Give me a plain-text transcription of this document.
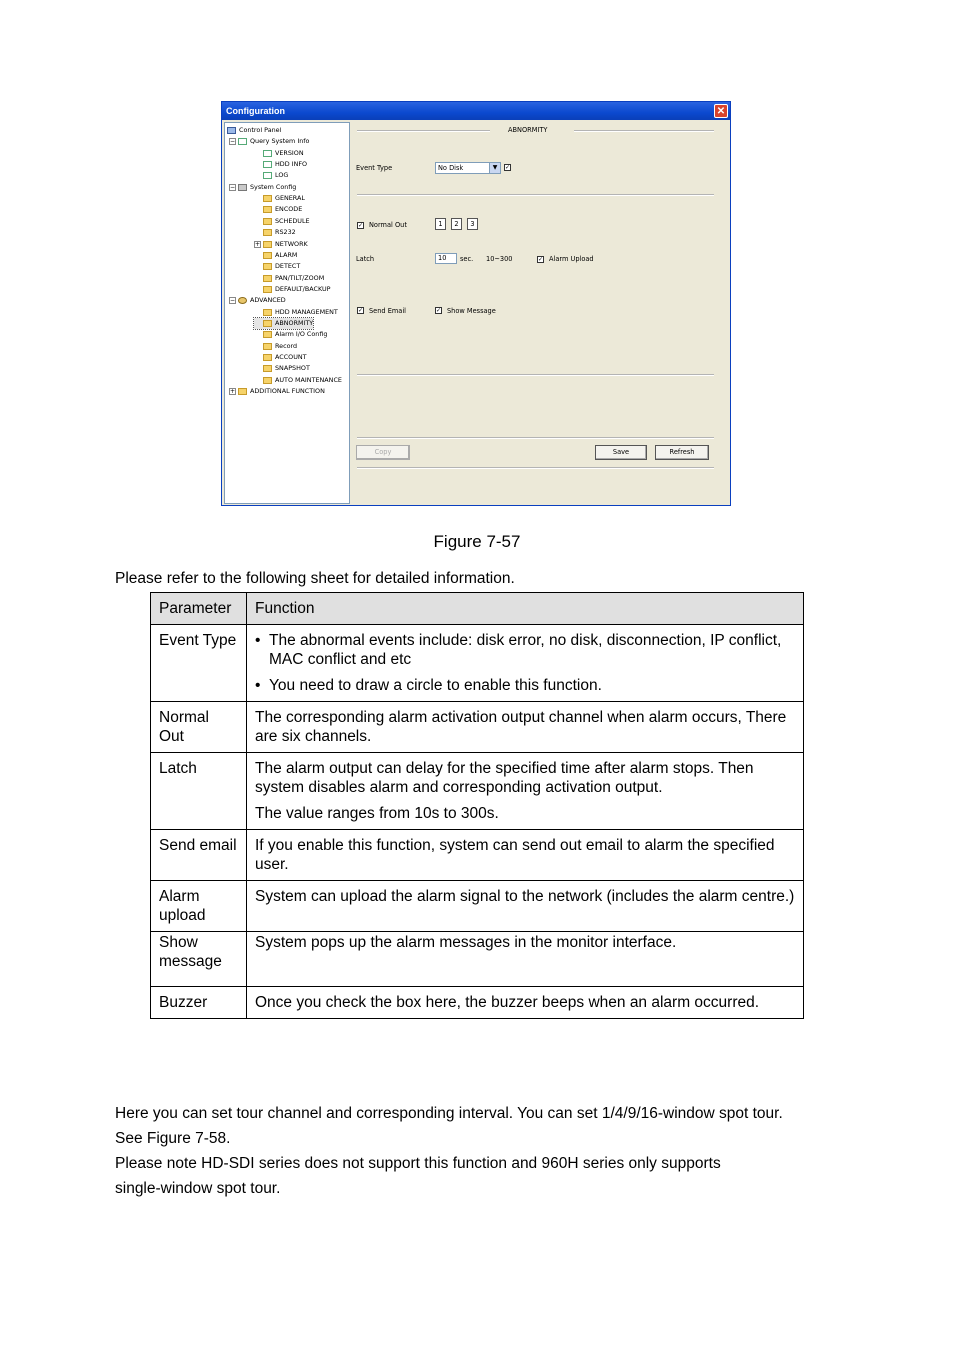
Configuration	✕
Control Panel
− Query System Info
VERSION
HDD INFO
LOG
− System Config
GENERAL
ENCODE
SCHEDULE
RS232
+ NETWORK
ALARM
DETECT
PAN/TILT/ZOOM
DEFAULT/BACKUP
− ADVANCED
HDD MANAGEMENT
ABNORMITY
Alarm I/O Config
Record
ACCOUNT
SNAPSHOT
AUTO MAINTENANCE
+ ADDITIONAL FUNCTION
ABNORMITY
Event Type	No Disk	▼	✓
✓ Normal Out	1	2	3
Latch	10	sec. 10~300	✓ Alarm Upload
✓ Send Email	✓ Show Message
Copy	Save	Refresh
Figure 7-57
Please refer to the following sheet for detailed information.
Parameter	Function
Event Type	• The abnormal events include: disk error, no disk, disconnection, IP conflict, MAC conflict and etc
• You need to draw a circle to enable this function.

Normal Out	The corresponding alarm activation output channel when alarm occurs, There are six channels.
Latch	The alarm output can delay for the specified time after alarm stops. Then system disables alarm and corresponding activation output.
The value ranges from 10s to 300s.

Send email	If you enable this function, system can send out email to alarm the specified user.
Alarm upload	System can upload the alarm signal to the network (includes the alarm centre.)
Show message	System pops up the alarm messages in the monitor interface.
Buzzer	Once you check the box here, the buzzer beeps when an alarm occurred.
Here you can set tour channel and corresponding interval. You can set 1/4/9/16-window spot tour.
See Figure 7-58.
Please note HD-SDI series does not support this function and 960H series only supports
single-window spot tour.
